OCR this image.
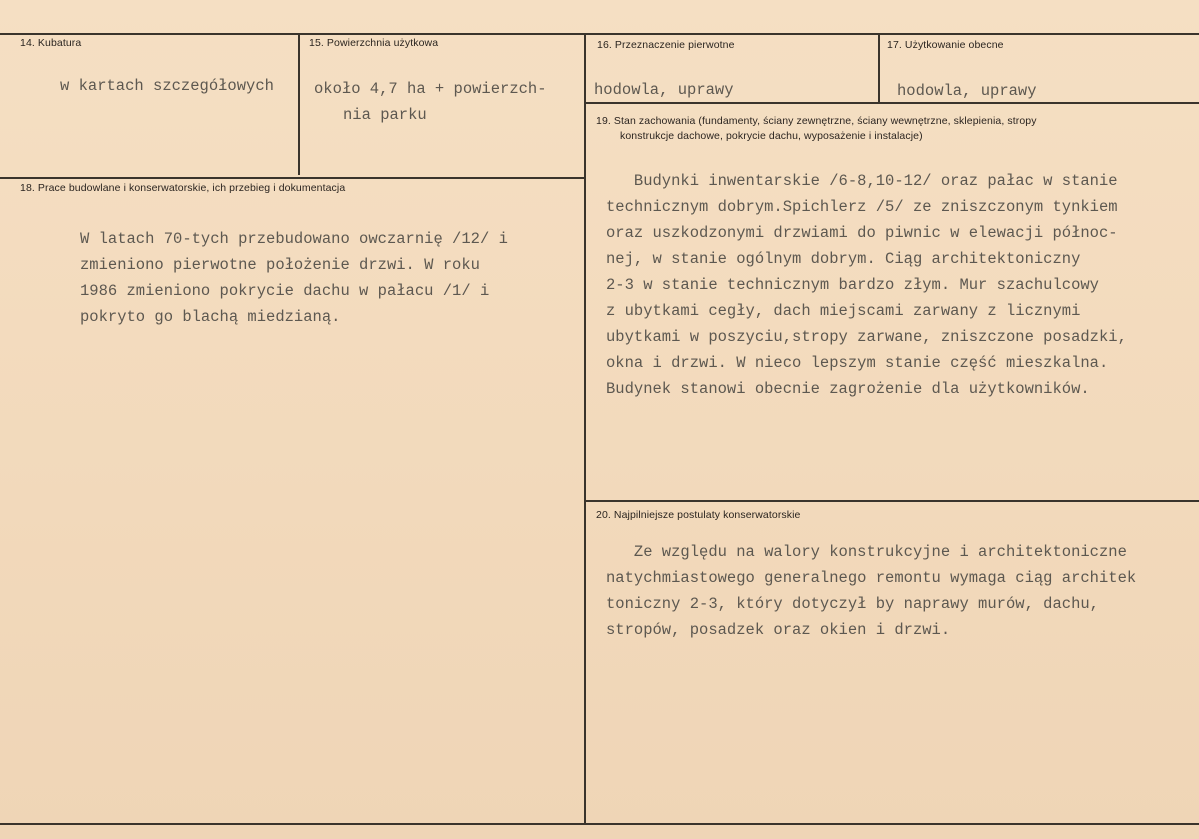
14. Kubatura
w kartach szczegółowych
15. Powierzchnia użytkowa
około 4,7 ha + powierzch-
nia parku
16. Przeznaczenie pierwotne
hodowla, uprawy
17. Użytkowanie obecne
hodowla, uprawy
18. Prace budowlane i konserwatorskie, ich przebieg i dokumentacja
W latach 70-tych przebudowano owczarnię /12/ i
zmieniono pierwotne położenie drzwi. W roku
1986 zmieniono pokrycie dachu w pałacu /1/ i
pokryto go blachą miedzianą.
19. Stan zachowania (fundamenty, ściany zewnętrzne, ściany wewnętrzne, sklepienia, stropy
konstrukcje dachowe, pokrycie dachu, wyposażenie i instalacje)
Budynki inwentarskie /6-8,10-12/ oraz pałac w stanie
technicznym dobrym.Spichlerz /5/ ze zniszczonym tynkiem
oraz uszkodzonymi drzwiami do piwnic w elewacji północ-
nej, w stanie ogólnym dobrym. Ciąg architektoniczny
2-3 w stanie technicznym bardzo złym. Mur szachulcowy
z ubytkami cegły, dach miejscami zarwany z licznymi
ubytkami w poszyciu,stropy zarwane, zniszczone posadzki,
okna i drzwi. W nieco lepszym stanie część mieszkalna.
Budynek stanowi obecnie zagrożenie dla użytkowników.
20. Najpilniejsze postulaty konserwatorskie
Ze względu na walory konstrukcyjne i architektoniczne
natychmiastowego generalnego remontu wymaga ciąg architek
toniczny 2-3, który dotyczył by naprawy murów, dachu,
stropów, posadzek oraz okien i drzwi.
